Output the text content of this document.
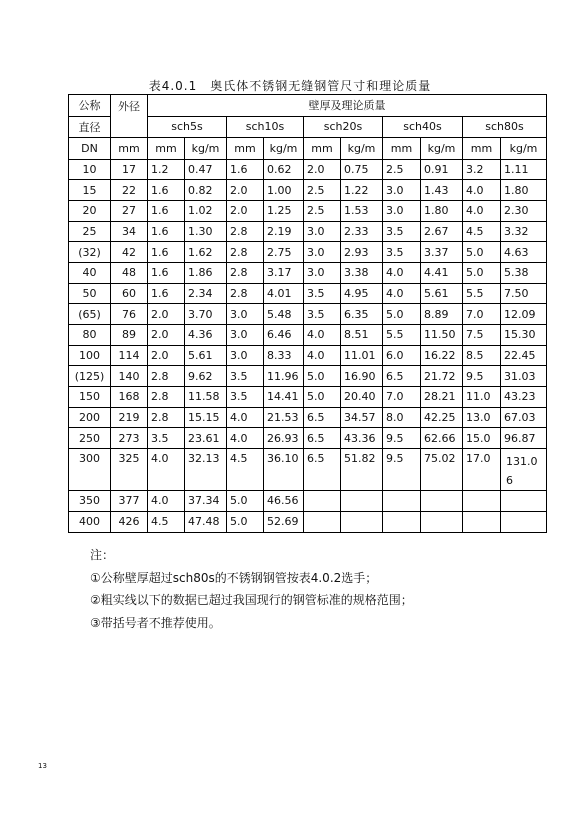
表4.0.1　奥氏体不锈钢无缝钢管尺寸和理论质量
公称	外径	壁厚及理论质量									
直径		sch5s		sch10s		sch20s		sch40s		sch80s	
DN	mm	mm	kg/m	mm	kg/m	mm	kg/m	mm	kg/m	mm	kg/m
10	17	1.2	0.47	1.6	0.62	2.0	0.75	2.5	0.91	3.2	1.11
15	22	1.6	0.82	2.0	1.00	2.5	1.22	3.0	1.43	4.0	1.80
20	27	1.6	1.02	2.0	1.25	2.5	1.53	3.0	1.80	4.0	2.30
25	34	1.6	1.30	2.8	2.19	3.0	2.33	3.5	2.67	4.5	3.32
(32)	42	1.6	1.62	2.8	2.75	3.0	2.93	3.5	3.37	5.0	4.63
40	48	1.6	1.86	2.8	3.17	3.0	3.38	4.0	4.41	5.0	5.38
50	60	1.6	2.34	2.8	4.01	3.5	4.95	4.0	5.61	5.5	7.50
(65)	76	2.0	3.70	3.0	5.48	3.5	6.35	5.0	8.89	7.0	12.09
80	89	2.0	4.36	3.0	6.46	4.0	8.51	5.5	11.50	7.5	15.30
100	114	2.0	5.61	3.0	8.33	4.0	11.01	6.0	16.22	8.5	22.45
(125)	140	2.8	9.62	3.5	11.96	5.0	16.90	6.5	21.72	9.5	31.03
150	168	2.8	11.58	3.5	14.41	5.0	20.40	7.0	28.21	11.0	43.23
200	219	2.8	15.15	4.0	21.53	6.5	34.57	8.0	42.25	13.0	67.03
250	273	3.5	23.61	4.0	26.93	6.5	43.36	9.5	62.66	15.0	96.87
300	325	4.0	32.13	4.5	36.10	6.5	51.82	9.5	75.02	17.0	131.06
350	377	4.0	37.34	5.0	46.56						
400	426	4.5	47.48	5.0	52.69						
注：
①公称壁厚超过sch80s的不锈钢钢管按表4.0.2选手；
②粗实线以下的数据已超过我国现行的钢管标准的规格范围；
③带括号者不推荐使用。
13
